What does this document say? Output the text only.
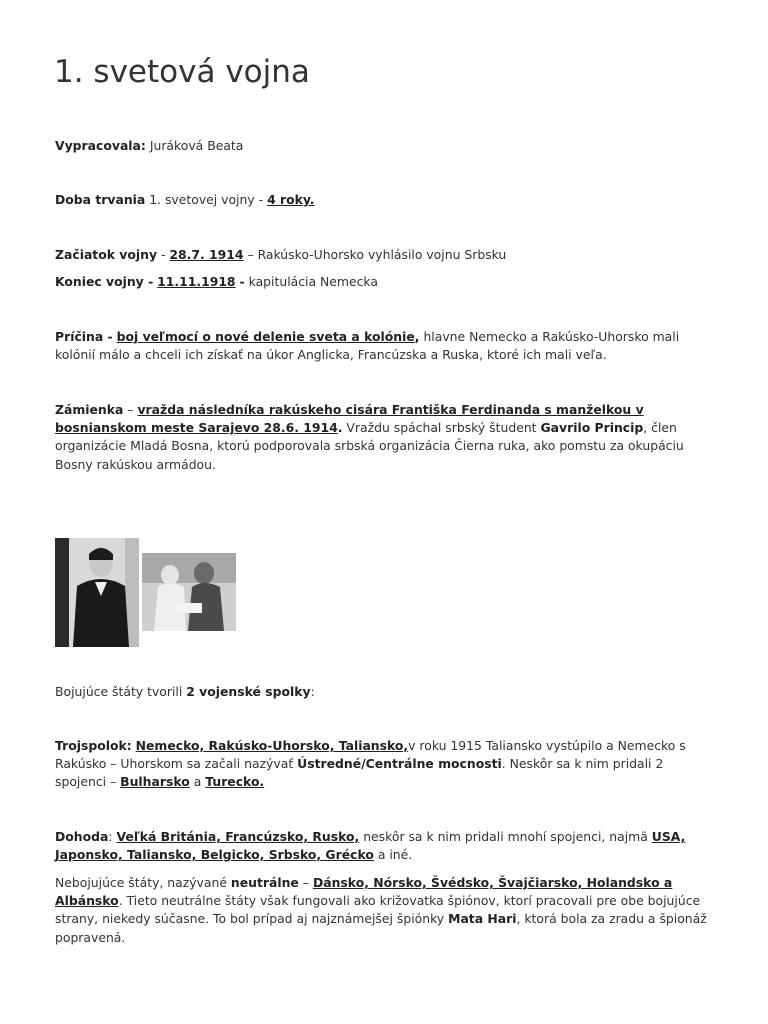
1. svetová vojna

Vypracovala: Juráková Beata

Doba trvania 1. svetovej vojny - 4 roky.

Začiatok vojny - 28.7. 1914 – Rakúsko-Uhorsko vyhlásilo vojnu Srbsku

Koniec vojny - 11.11.1918 - kapitulácia Nemecka

Príčina - boj veľmocí o nové delenie sveta a kolónie, hlavne Nemecko a Rakúsko-Uhorsko mali kolónií málo a chceli ich získať na úkor Anglicka, Francúzska a Ruska, ktoré ich mali veľa.

Zámienka – vražda následníka rakúskeho cisára Františka Ferdinanda s manželkou v bosnianskom meste Sarajevo 28.6. 1914. Vraždu spáchal srbský študent Gavrilo Princip, člen organizácie Mladá Bosna, ktorú podporovala srbská organizácia Čierna ruka, ako pomstu za okupáciu Bosny rakúskou armádou.

Bojujúce štáty tvorili 2 vojenské spolky:

Trojspolok: Nemecko, Rakúsko-Uhorsko, Taliansko,v roku 1915 Taliansko vystúpilo a Nemecko s Rakúsko – Uhorskom sa začali nazývať Ústredné/Centrálne mocnosti. Neskôr sa k nim pridali 2 spojenci – Bulharsko a Turecko.

Dohoda: Veľká Británia, Francúzsko, Rusko, neskôr sa k nim pridali mnohí spojenci, najmä USA, Japonsko, Taliansko, Belgicko, Srbsko, Grécko a iné.

Nebojujúce štáty, nazývané neutrálne – Dánsko, Nórsko, Švédsko, Švajčiarsko, Holandsko a Albánsko. Tieto neutrálne štáty však fungovali ako križovatka špiónov, ktorí pracovali pre obe bojujúce strany, niekedy súčasne. To bol prípad aj najznámejšej špiónky Mata Hari, ktorá bola za zradu a špionáž popravená.
